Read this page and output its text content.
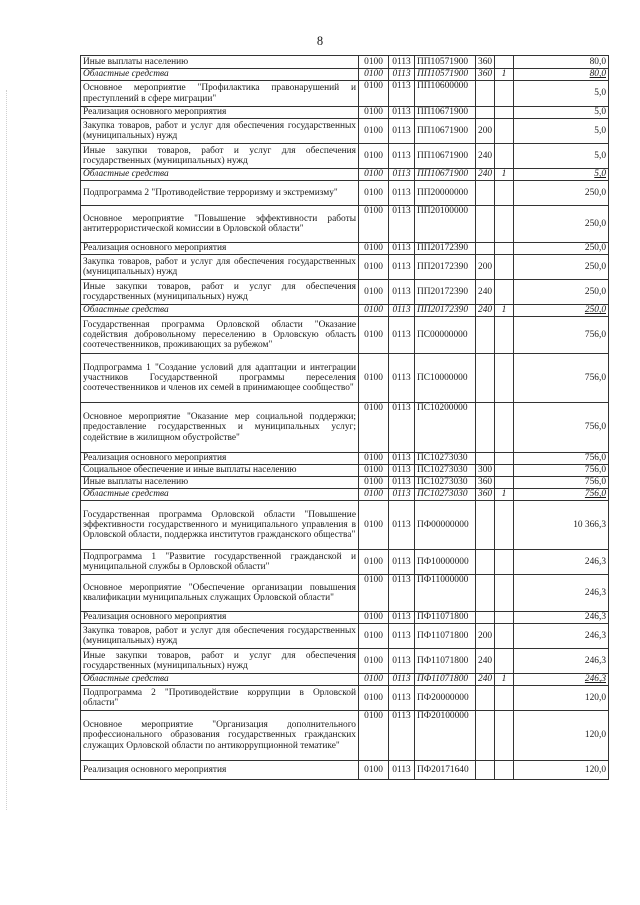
8
Иные выплаты населению	0100	0113	ПП10571900	360		80,0
Областные средства	0100	0113	ПП10571900	360	1	80,0
Основное мероприятие "Профилактика правонарушений и преступлений в сфере миграции"	0100	0113	ПП10600000			5,0
Реализация основного мероприятия	0100	0113	ПП10671900			5,0
Закупка товаров, работ и услуг для обеспечения государственных (муниципальных) нужд	0100	0113	ПП10671900	200		5,0
Иные закупки товаров, работ и услуг для обеспечения государственных (муниципальных) нужд	0100	0113	ПП10671900	240		5,0
Областные средства	0100	0113	ПП10671900	240	1	5,0
Подпрограмма 2 "Противодействие терроризму и экстремизму"	0100	0113	ПП20000000			250,0
Основное мероприятие "Повышение эффективности работы антитеррористической комиссии в Орловской области"	0100	0113	ПП20100000			250,0
Реализация основного мероприятия	0100	0113	ПП20172390			250,0
Закупка товаров, работ и услуг для обеспечения государственных (муниципальных) нужд	0100	0113	ПП20172390	200		250,0
Иные закупки товаров, работ и услуг для обеспечения государственных (муниципальных) нужд	0100	0113	ПП20172390	240		250,0
Областные средства	0100	0113	ПП20172390	240	1	250,0
Государственная программа Орловской области "Оказание содействия добровольному переселению в Орловскую область соотечественников, проживающих за рубежом"	0100	0113	ПС00000000			756,0
Подпрограмма 1 "Создание условий для адаптации и интеграции участников Государственной программы переселения соотечественников и членов их семей в принимающее сообщество"	0100	0113	ПС10000000			756,0
Основное мероприятие "Оказание мер социальной поддержки; предоставление государственных и муниципальных услуг; содействие в жилищном обустройстве"	0100	0113	ПС10200000			756,0
Реализация основного мероприятия	0100	0113	ПС10273030			756,0
Социальное обеспечение и иные выплаты населению	0100	0113	ПС10273030	300		756,0
Иные выплаты населению	0100	0113	ПС10273030	360		756,0
Областные средства	0100	0113	ПС10273030	360	1	756,0
Государственная программа Орловской области "Повышение эффективности государственного и муниципального управления в Орловской области, поддержка институтов гражданского общества"	0100	0113	ПФ00000000			10 366,3
Подпрограмма 1 "Развитие государственной гражданской и муниципальной службы в Орловской области"	0100	0113	ПФ10000000			246,3
Основное мероприятие "Обеспечение организации повышения квалификации муниципальных служащих Орловской области"	0100	0113	ПФ11000000			246,3
Реализация основного мероприятия	0100	0113	ПФ11071800			246,3
Закупка товаров, работ и услуг для обеспечения государственных (муниципальных) нужд	0100	0113	ПФ11071800	200		246,3
Иные закупки товаров, работ и услуг для обеспечения государственных (муниципальных) нужд	0100	0113	ПФ11071800	240		246,3
Областные средства	0100	0113	ПФ11071800	240	1	246,3
Подпрограмма 2 "Противодействие коррупции в Орловской области"	0100	0113	ПФ20000000			120,0
Основное мероприятие "Организация дополнительного профессионального образования государственных гражданских служащих Орловской области по антикоррупционной тематике"	0100	0113	ПФ20100000			120,0
Реализация основного мероприятия	0100	0113	ПФ20171640			120,0
